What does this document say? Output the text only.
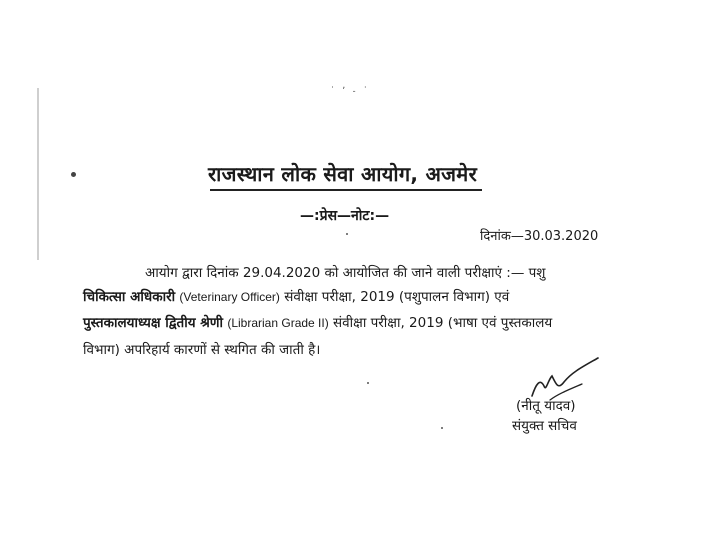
˙ ʼ ˗ ˙
राजस्थान लोक सेवा आयोग, अजमेर
—:प्रेस—नोट:—
दिनांक—30.03.2020
आयोग द्वारा दिनांक 29.04.2020 को आयोजित की जाने वाली परीक्षाएं :— पशु
चिकित्सा अधिकारी (Veterinary Officer) संवीक्षा परीक्षा, 2019 (पशुपालन विभाग) एवं
पुस्तकालयाध्यक्ष द्वितीय श्रेणी (Librarian Grade II) संवीक्षा परीक्षा, 2019 (भाषा एवं पुस्तकालय
विभाग) अपरिहार्य कारणों से स्थगित की जाती है।
(नीतू यादव)
संयुक्त सचिव
